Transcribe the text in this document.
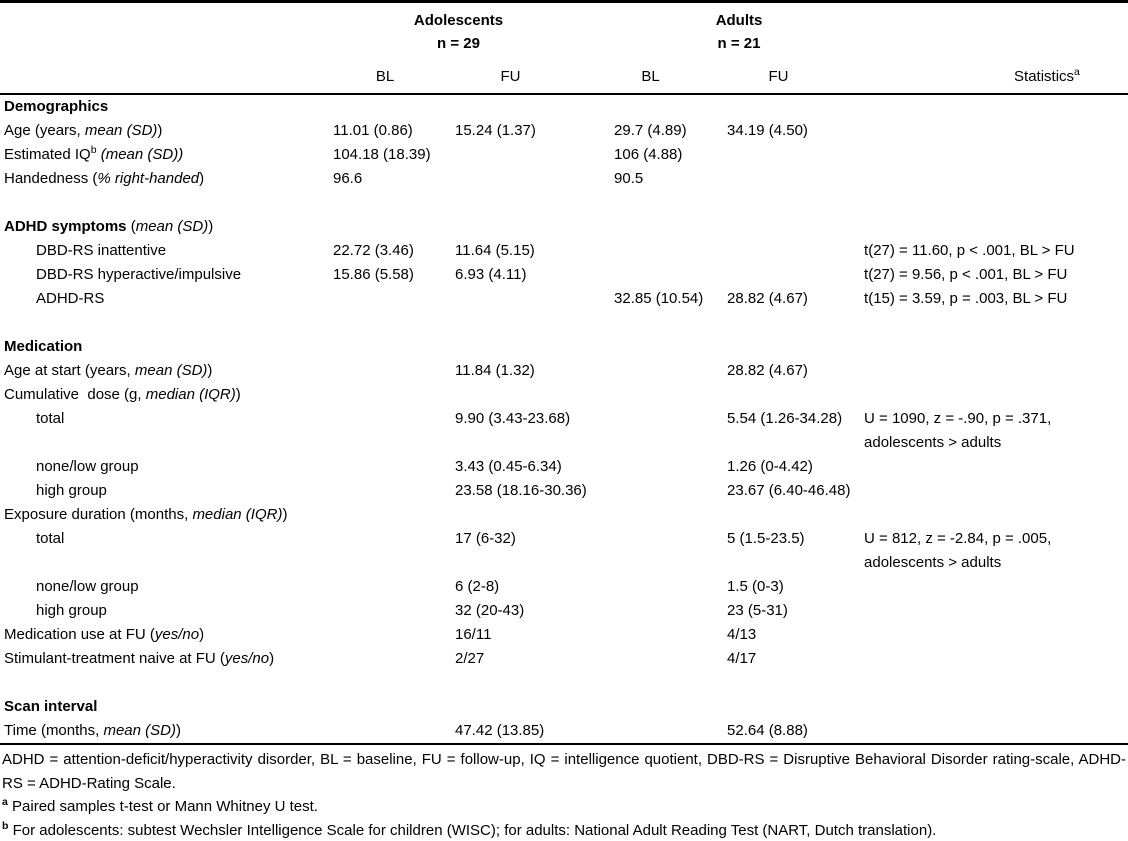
Adolescents
n = 29

Adults
n = 21

	BL	FU	BL	FU	Statistics$^a$
Demographics					
Age (years, mean (SD))	11.01 (0.86)	15.24 (1.37)	29.7 (4.89)	34.19 (4.50)	
Estimated $IQ^b$ (mean (SD))	104.18 (18.39)		106 (4.88)		
Handedness (% right-handed)	96.6		90.5		

ADHD symptoms (mean (SD))					
DBD-RS inattentive	22.72 (3.46)	11.64 (5.15)			t(27) = 11.60, p < .001, BL > FU
DBD-RS hyperactive/impulsive	15.86 (5.58)	6.93 (4.11)			t(27) = 9.56, p < .001, BL > FU
ADHD-RS			32.85 (10.54)	28.82 (4.67)	t(15) = 3.59, p = .003, BL > FU

Medication					
Age at start (years, mean (SD))		11.84 (1.32)		28.82 (4.67)	
Cumulative  dose (g, median (IQR))					
total		9.90 (3.43-23.68)		5.54 (1.26-34.28)	U = 1090, z = -.90, p = .371, adolescents > adults
none/low group		3.43 (0.45-6.34)		1.26 (0-4.42)	
high group		23.58 (18.16-30.36)		23.67 (6.40-46.48)	
Exposure duration (months, median (IQR))					
total		17 (6-32)		5 (1.5-23.5)	U = 812, z = -2.84, p = .005, adolescents > adults
none/low group		6 (2-8)		1.5 (0-3)	
high group		32 (20-43)		23 (5-31)	
Medication use at FU (yes/no)		16/11		4/13	
Stimulant-treatment naive at FU (yes/no)		2/27		4/17	

Scan interval					
Time (months, mean (SD))		47.42 (13.85)		52.64 (8.88)	

ADHD = attention-deficit/hyperactivity disorder, BL = baseline, FU = follow-up, IQ = intelligence quotient, DBD-RS = Disruptive Behavioral Disorder rating-scale, ADHD-RS = ADHD-Rating Scale.

$^a$ Paired samples t-test or Mann Whitney U test.

$^b$ For adolescents: subtest Wechsler Intelligence Scale for children (WISC); for adults: National Adult Reading Test (NART, Dutch translation).
